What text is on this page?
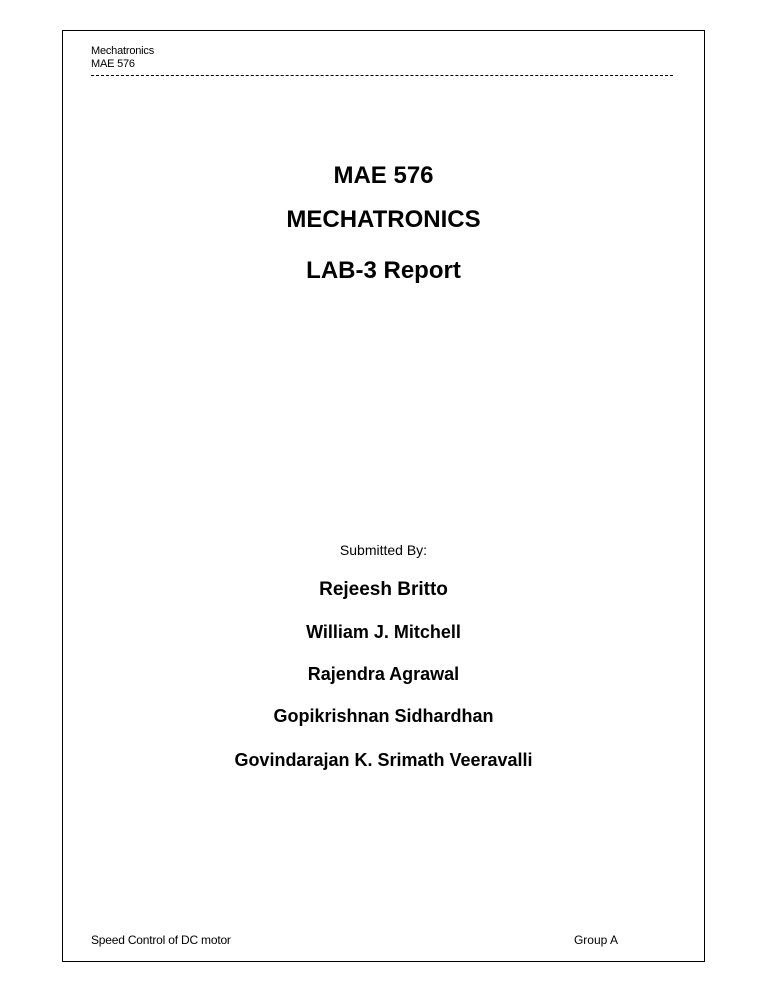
Mechatronics
MAE 576
MAE 576
MECHATRONICS
LAB-3 Report
Submitted By:
Rejeesh Britto
William J. Mitchell
Rajendra Agrawal
Gopikrishnan Sidhardhan
Govindarajan K. Srimath Veeravalli
Speed Control of DC motor	Group A
